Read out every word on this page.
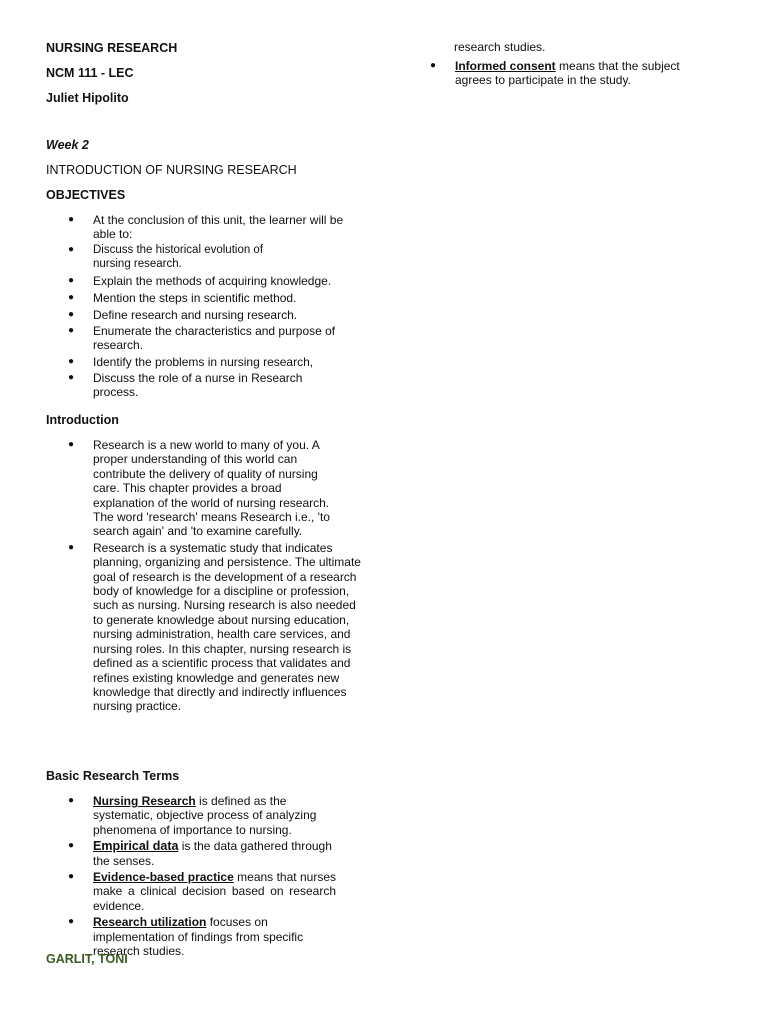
NURSING RESEARCH
NCM 111 - LEC
Juliet Hipolito
Week 2
INTRODUCTION OF NURSING RESEARCH
OBJECTIVES
● At the conclusion of this unit, the learner will be able to:
● Discuss the historical evolution of nursing research.
● Explain the methods of acquiring knowledge.
● Mention the steps in scientific method.
● Define research and nursing research.
● Enumerate the characteristics and purpose of research.
● Identify the problems in nursing research,
● Discuss the role of a nurse in Research process.
Introduction
● Research is a new world to many of you. A proper understanding of this world can contribute the delivery of quality of nursing care. This chapter provides a broad explanation of the world of nursing research. The word 'research' means Research i.e., 'to search again' and 'to examine carefully.
● Research is a systematic study that indicates planning, organizing and persistence. The ultimate goal of research is the development of a research body of knowledge for a discipline or profession, such as nursing. Nursing research is also needed to generate knowledge about nursing education, nursing administration, health care services, and nursing roles. In this chapter, nursing research is defined as a scientific process that validates and refines existing knowledge and generates new knowledge that directly and indirectly influences nursing practice.
Basic Research Terms
● Nursing Research is defined as the systematic, objective process of analyzing phenomena of importance to nursing.
● Empirical data is the data gathered through the senses.
● Evidence-based practice means that nurses make a clinical decision based on research evidence.
● Research utilization focuses on implementation of findings from specific research studies.
research studies.
● Informed consent means that the subject agrees to participate in the study.
GARLIT, TONI
